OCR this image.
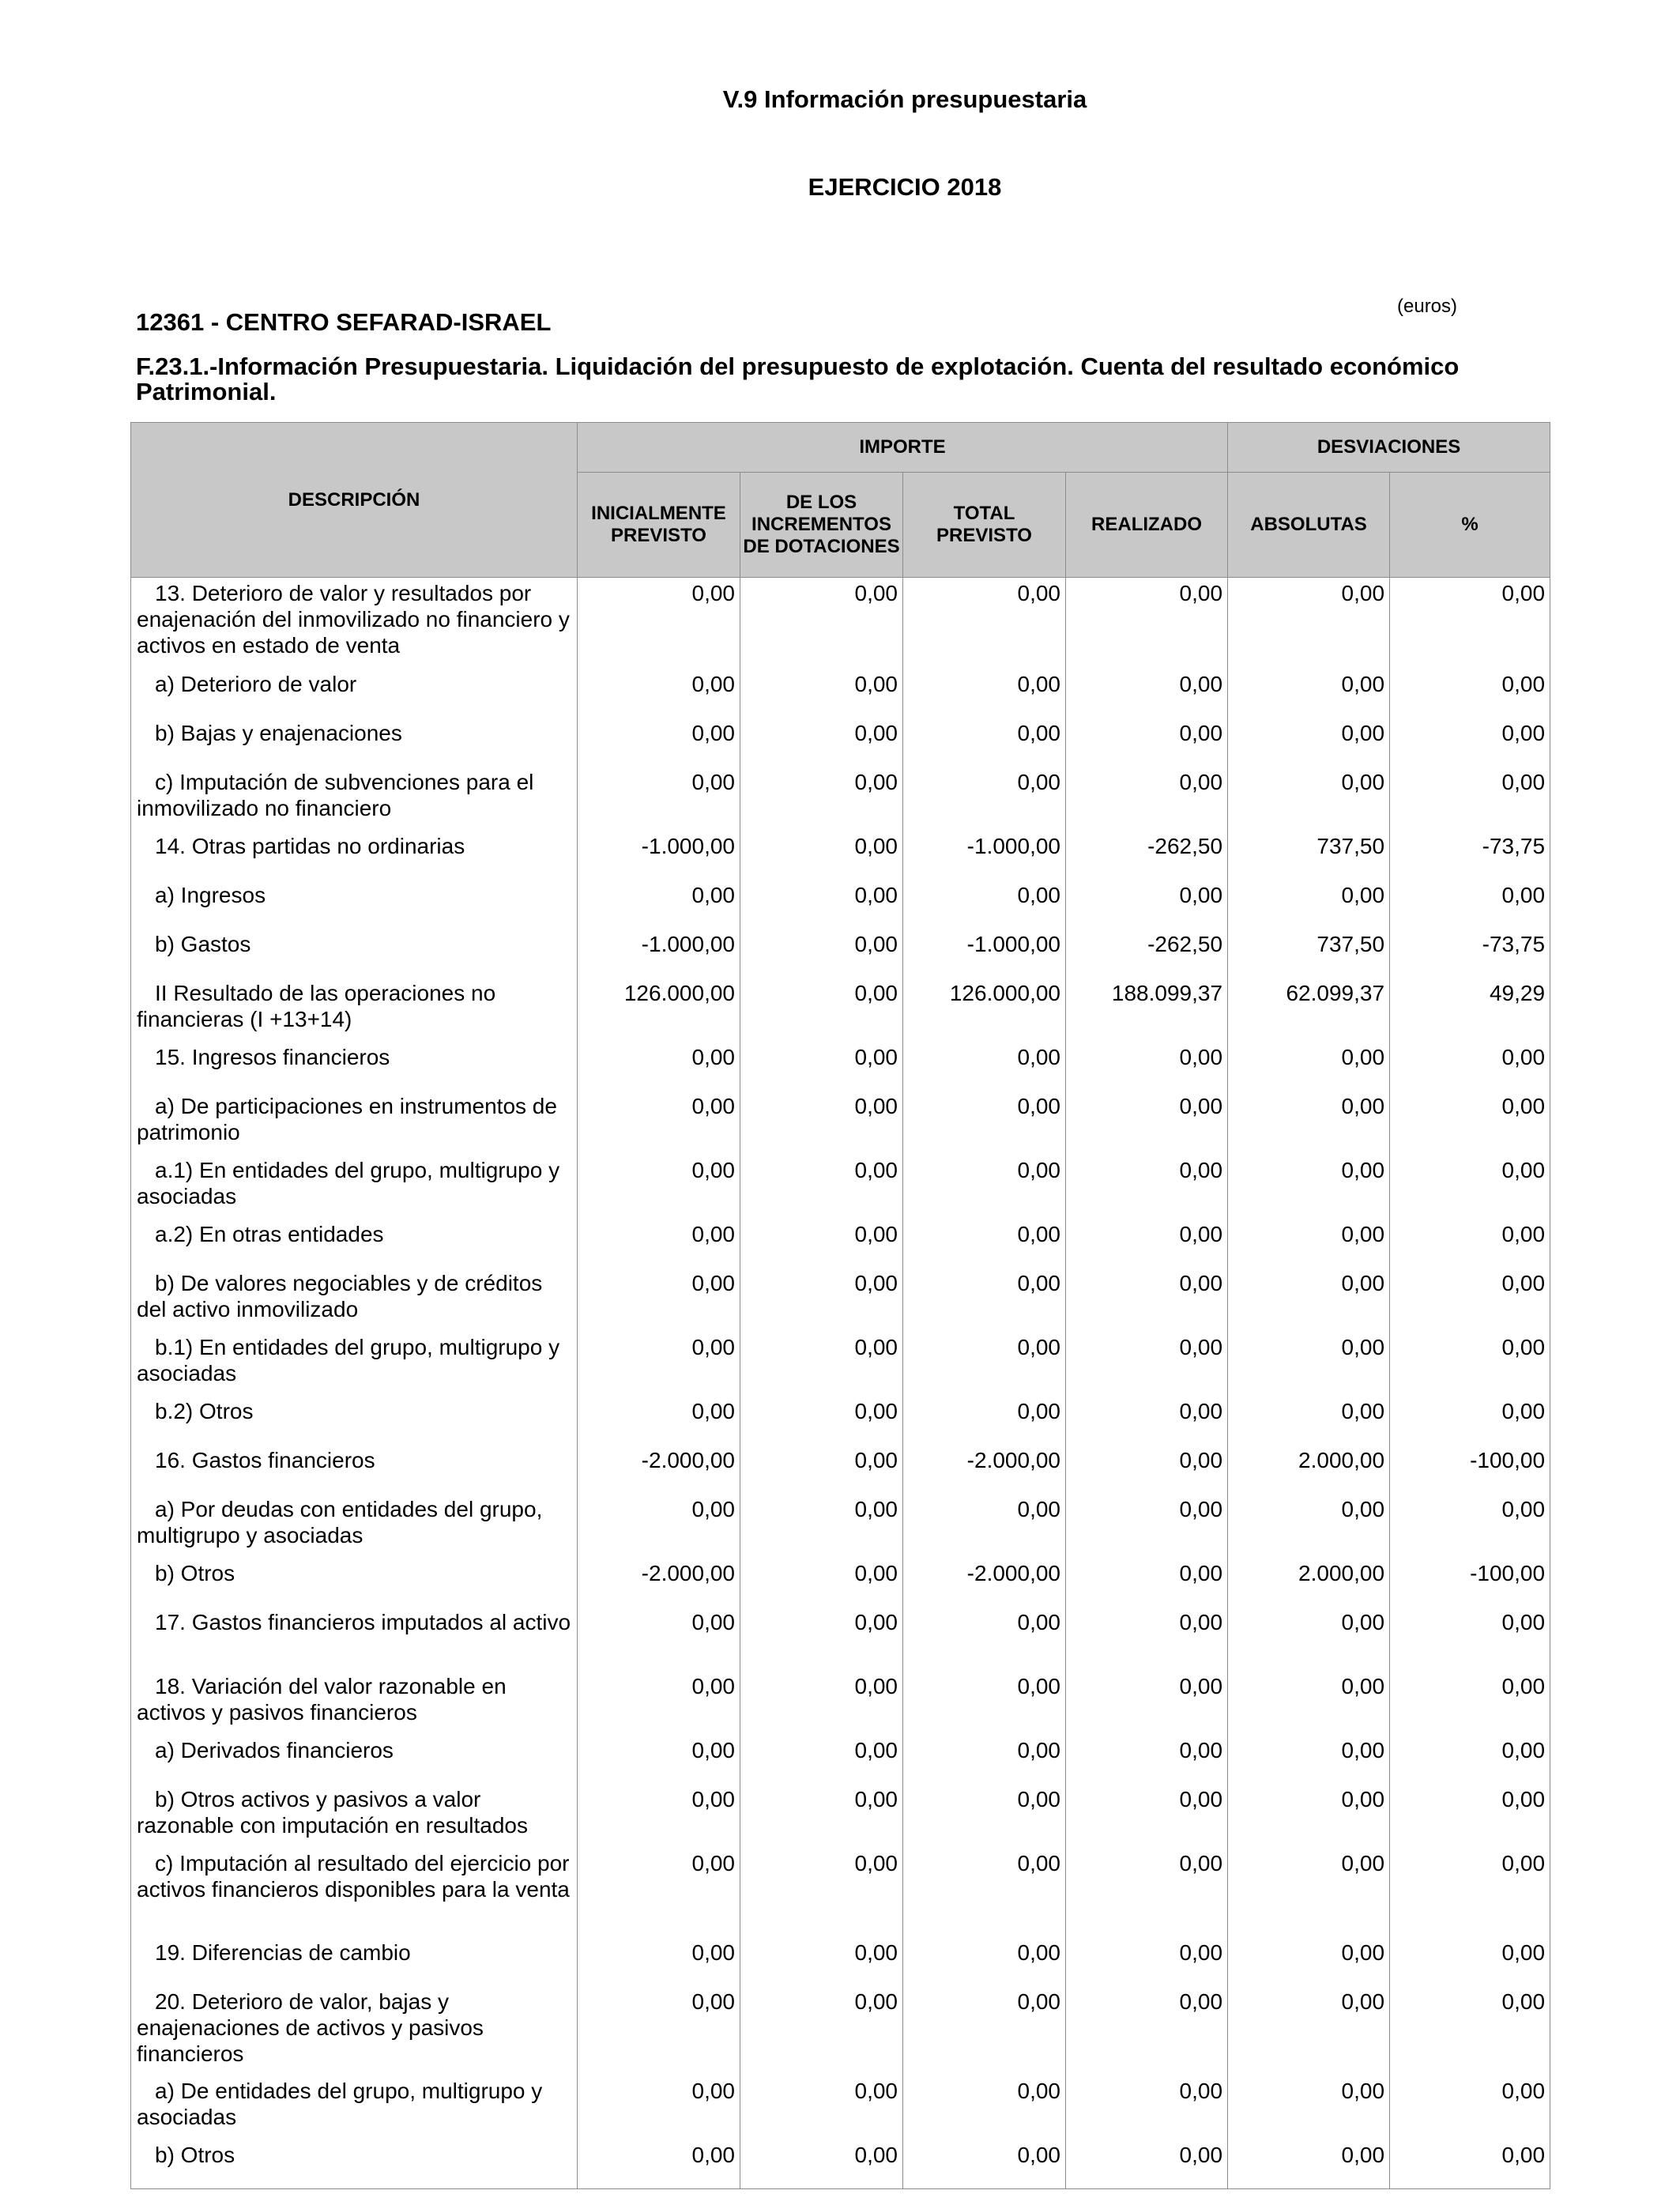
V.9 Información presupuestaria
EJERCICIO 2018
(euros)
12361 - CENTRO SEFARAD-ISRAEL
F.23.1.-Información Presupuestaria. Liquidación del presupuesto de explotación. Cuenta del resultado económico Patrimonial.
DESCRIPCIÓN	IMPORTE				DESVIACIONES	
	INICIALMENTE PREVISTO	DE LOS INCREMENTOS DE DOTACIONES	TOTAL PREVISTO	REALIZADO	ABSOLUTAS	%
13. Deterioro de valor y resultados por enajenación del inmovilizado no financiero y activos en estado de venta	0,00	0,00	0,00	0,00	0,00	0,00
a) Deterioro de valor	0,00	0,00	0,00	0,00	0,00	0,00
b) Bajas y enajenaciones	0,00	0,00	0,00	0,00	0,00	0,00
c) Imputación de subvenciones para el inmovilizado no financiero	0,00	0,00	0,00	0,00	0,00	0,00
14. Otras partidas no ordinarias	-1.000,00	0,00	-1.000,00	-262,50	737,50	-73,75
a) Ingresos	0,00	0,00	0,00	0,00	0,00	0,00
b) Gastos	-1.000,00	0,00	-1.000,00	-262,50	737,50	-73,75
II Resultado de las operaciones no financieras (I +13+14)	126.000,00	0,00	126.000,00	188.099,37	62.099,37	49,29
15. Ingresos financieros	0,00	0,00	0,00	0,00	0,00	0,00
a) De participaciones en instrumentos de patrimonio	0,00	0,00	0,00	0,00	0,00	0,00
a.1) En entidades del grupo, multigrupo y asociadas	0,00	0,00	0,00	0,00	0,00	0,00
a.2) En otras entidades	0,00	0,00	0,00	0,00	0,00	0,00
b) De valores negociables y de créditos del activo inmovilizado	0,00	0,00	0,00	0,00	0,00	0,00
b.1) En entidades del grupo, multigrupo y asociadas	0,00	0,00	0,00	0,00	0,00	0,00
b.2) Otros	0,00	0,00	0,00	0,00	0,00	0,00
16. Gastos financieros	-2.000,00	0,00	-2.000,00	0,00	2.000,00	-100,00
a) Por deudas con entidades del grupo, multigrupo y asociadas	0,00	0,00	0,00	0,00	0,00	0,00
b) Otros	-2.000,00	0,00	-2.000,00	0,00	2.000,00	-100,00
17. Gastos financieros imputados al activo	0,00	0,00	0,00	0,00	0,00	0,00
18. Variación del valor razonable en activos y pasivos financieros	0,00	0,00	0,00	0,00	0,00	0,00
a) Derivados financieros	0,00	0,00	0,00	0,00	0,00	0,00
b) Otros activos y pasivos a valor razonable con imputación en resultados	0,00	0,00	0,00	0,00	0,00	0,00
c) Imputación al resultado del ejercicio por activos financieros disponibles para la venta	0,00	0,00	0,00	0,00	0,00	0,00
19. Diferencias de cambio	0,00	0,00	0,00	0,00	0,00	0,00
20. Deterioro de valor, bajas y enajenaciones de activos y pasivos financieros	0,00	0,00	0,00	0,00	0,00	0,00
a) De entidades del grupo, multigrupo y asociadas	0,00	0,00	0,00	0,00	0,00	0,00
b) Otros	0,00	0,00	0,00	0,00	0,00	0,00
